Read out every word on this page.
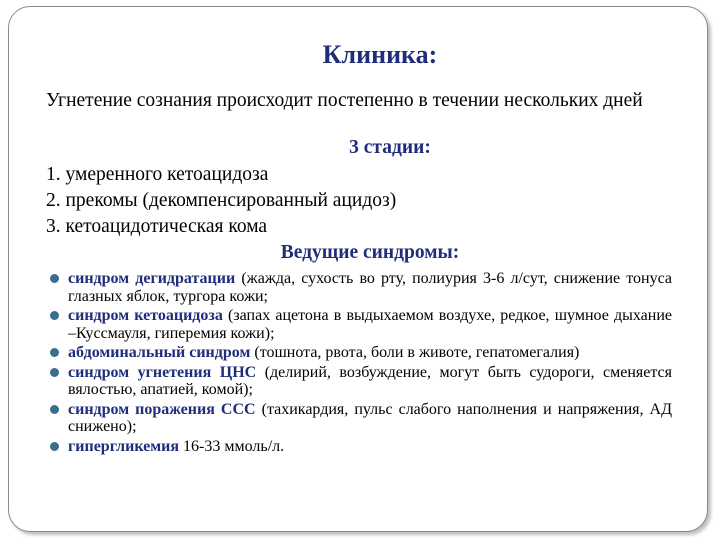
Клиника:
Угнетение сознания происходит постепенно в течении нескольких дней
3 стадии:
1. умеренного кетоацидоза
2. прекомы (декомпенсированный ацидоз)
3. кетоацидотическая кома
Ведущие синдромы:
синдром дегидратации (жажда, сухость во рту, полиурия 3-6 л/сут, снижение тонуса глазных яблок, тургора кожи;
синдром кетоацидоза (запах ацетона в выдыхаемом воздухе, редкое, шумное дыхание –Куссмауля, гиперемия кожи);
абдоминальный синдром (тошнота, рвота, боли в животе, гепатомегалия)
синдром угнетения ЦНС (делирий, возбуждение, могут быть судороги, сменяется вялостью, апатией, комой);
синдром поражения ССС (тахикардия, пульс слабого наполнения и напряжения, АД снижено);
гипергликемия 16-33 ммоль/л.
